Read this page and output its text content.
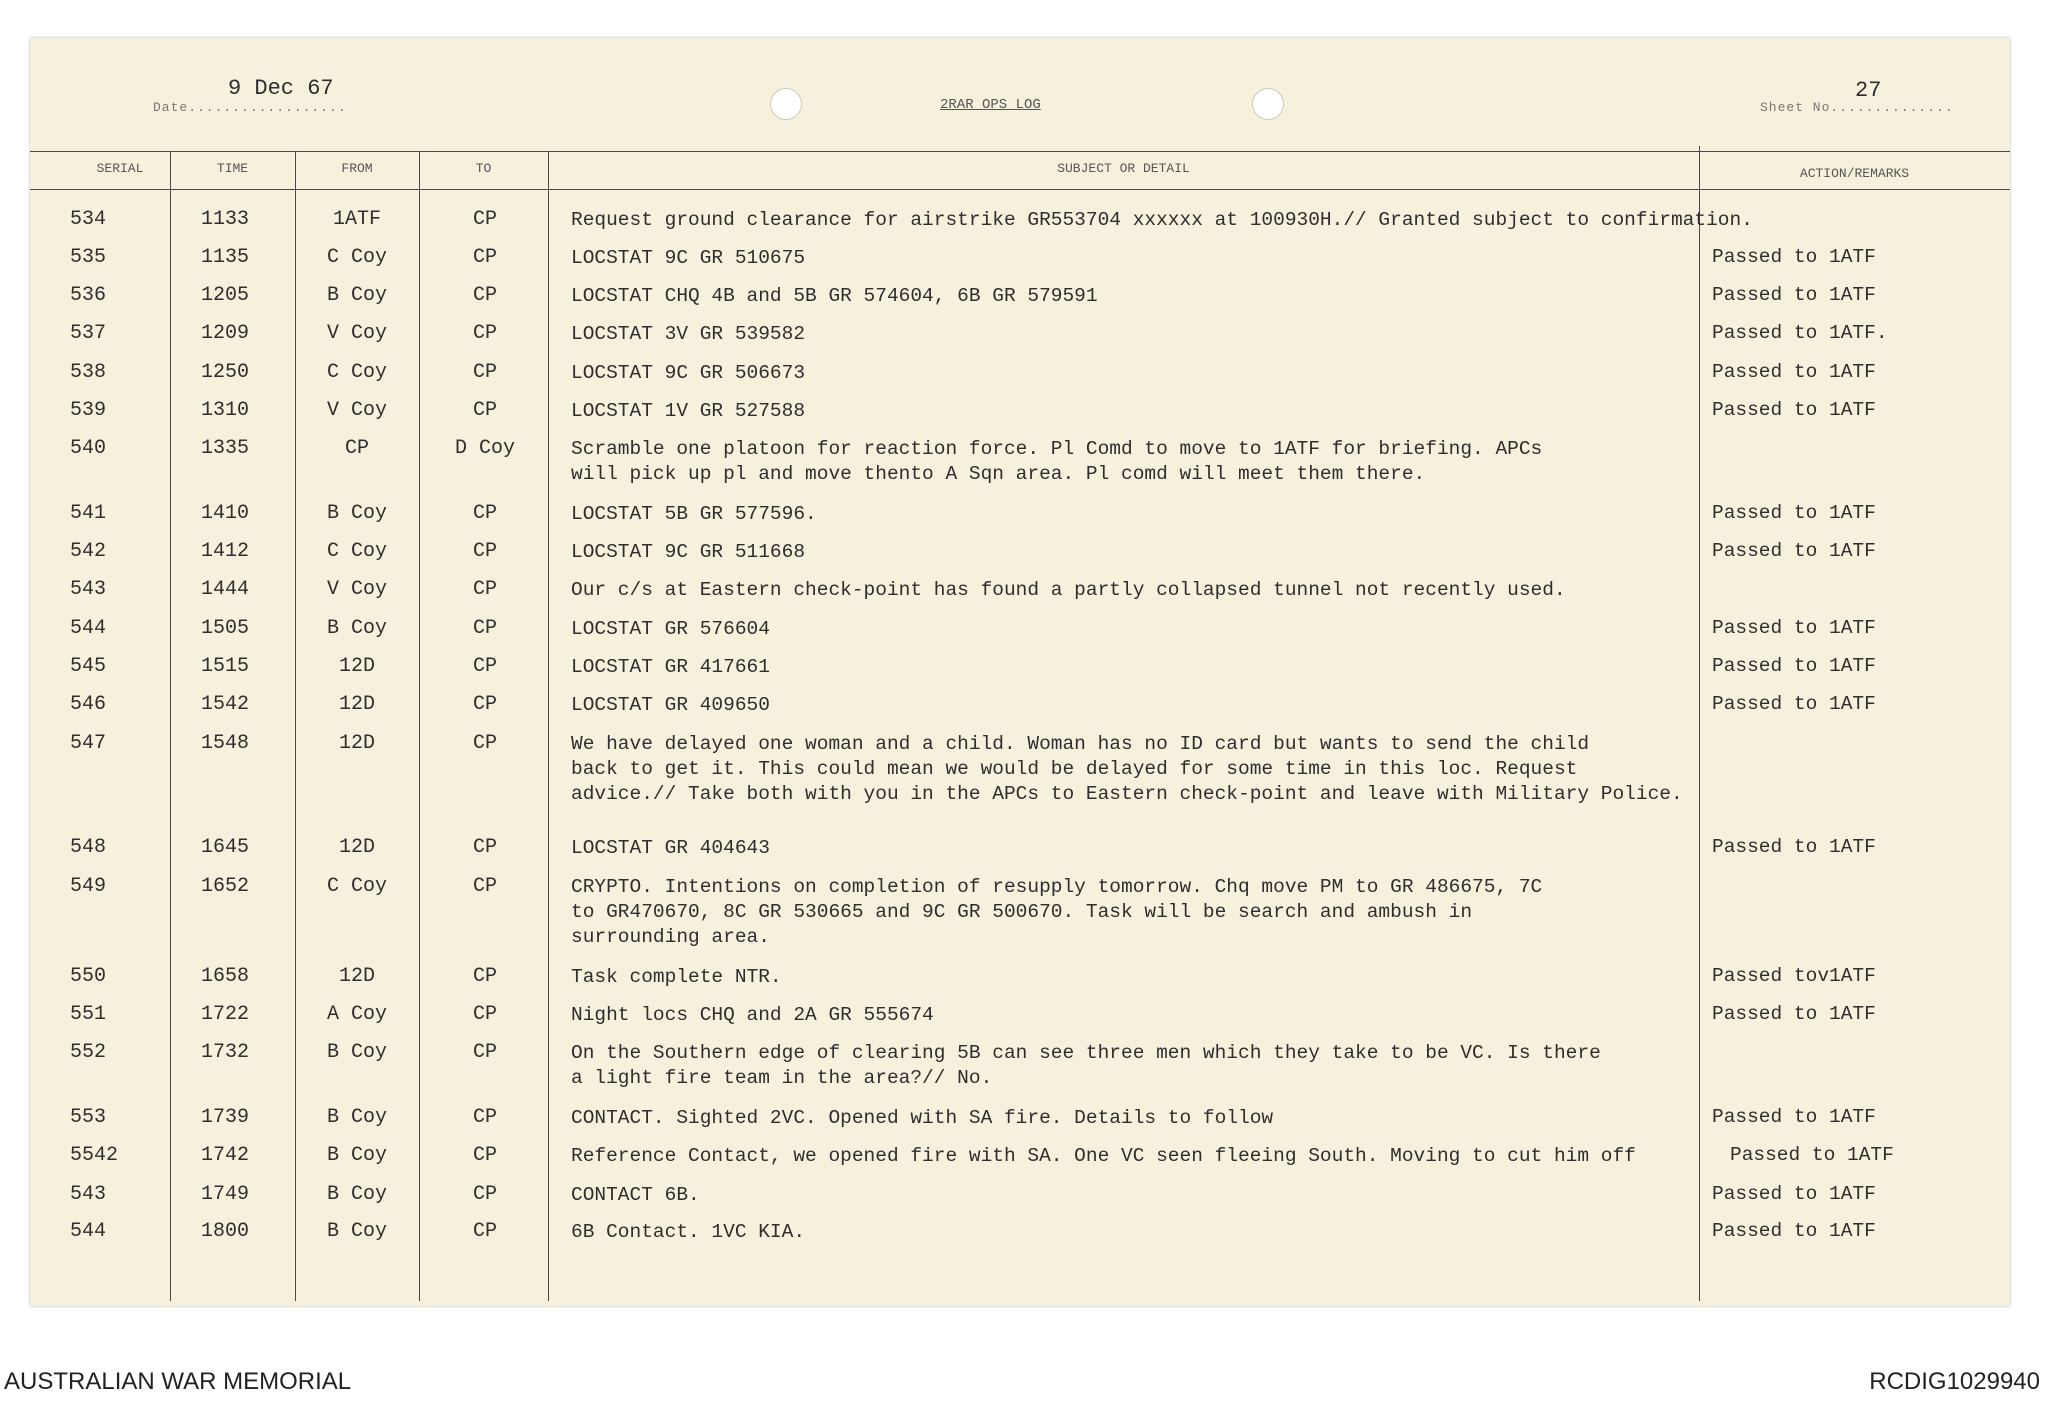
Date..................
9 Dec 67
2RAR OPS LOG	Sheet No..............
27
SERIAL	TIME	FROM	TO	SUBJECT OR DETAIL	ACTION/REMARKS
534	1133	1ATF	CP	Request ground clearance for airstrike GR553704 xxxxxx at 100930H.// Granted subject to confirmation.
535	1135	C Coy	CP	LOCSTAT 9C GR 510675	Passed to 1ATF
536	1205	B Coy	CP	LOCSTAT CHQ 4B and 5B GR 574604, 6B GR 579591	Passed to 1ATF
537	1209	V Coy	CP	LOCSTAT 3V GR 539582	Passed to 1ATF.
538	1250	C Coy	CP	LOCSTAT 9C GR 506673	Passed to 1ATF
539	1310	V Coy	CP	LOCSTAT 1V GR 527588	Passed to 1ATF
540	1335	CP	D Coy	Scramble one platoon for reaction force. Pl Comd to move to 1ATF for briefing. APCs
will pick up pl and move thento A Sqn area. Pl comd will meet them there.
541	1410	B Coy	CP	LOCSTAT 5B GR 577596.	Passed to 1ATF
542	1412	C Coy	CP	LOCSTAT 9C GR 511668	Passed to 1ATF
543	1444	V Coy	CP	Our c/s at Eastern check-point has found a partly collapsed tunnel not recently used.
544	1505	B Coy	CP	LOCSTAT GR 576604	Passed to 1ATF
545	1515	12D	CP	LOCSTAT GR 417661	Passed to 1ATF
546	1542	12D	CP	LOCSTAT GR 409650	Passed to 1ATF
547	1548	12D	CP	We have delayed one woman and a child. Woman has no ID card but wants to send the child
back to get it. This could mean we would be delayed for some time in this loc. Request
advice.// Take both with you in the APCs to Eastern check-point and leave with Military Police.
548	1645	12D	CP	LOCSTAT GR 404643	Passed to 1ATF
549	1652	C Coy	CP	CRYPTO. Intentions on completion of resupply tomorrow. Chq move PM to GR 486675, 7C
to GR470670, 8C GR 530665 and 9C GR 500670. Task will be search and ambush in
surrounding area.
550	1658	12D	CP	Task complete NTR.	Passed tov1ATF
551	1722	A Coy	CP	Night locs CHQ and 2A GR 555674	Passed to 1ATF
552	1732	B Coy	CP	On the Southern edge of clearing 5B can see three men which they take to be VC. Is there
a light fire team in the area?// No.
553	1739	B Coy	CP	CONTACT. Sighted 2VC. Opened with SA fire. Details to follow	Passed to 1ATF
5542	1742	B Coy	CP	Reference Contact, we opened fire with SA. One VC seen fleeing South. Moving to cut him off	Passed to 1ATF
543	1749	B Coy	CP	CONTACT 6B.	Passed to 1ATF
544	1800	B Coy	CP	6B Contact. 1VC KIA.	Passed to 1ATF
AUSTRALIAN WAR MEMORIAL	RCDIG1029940
